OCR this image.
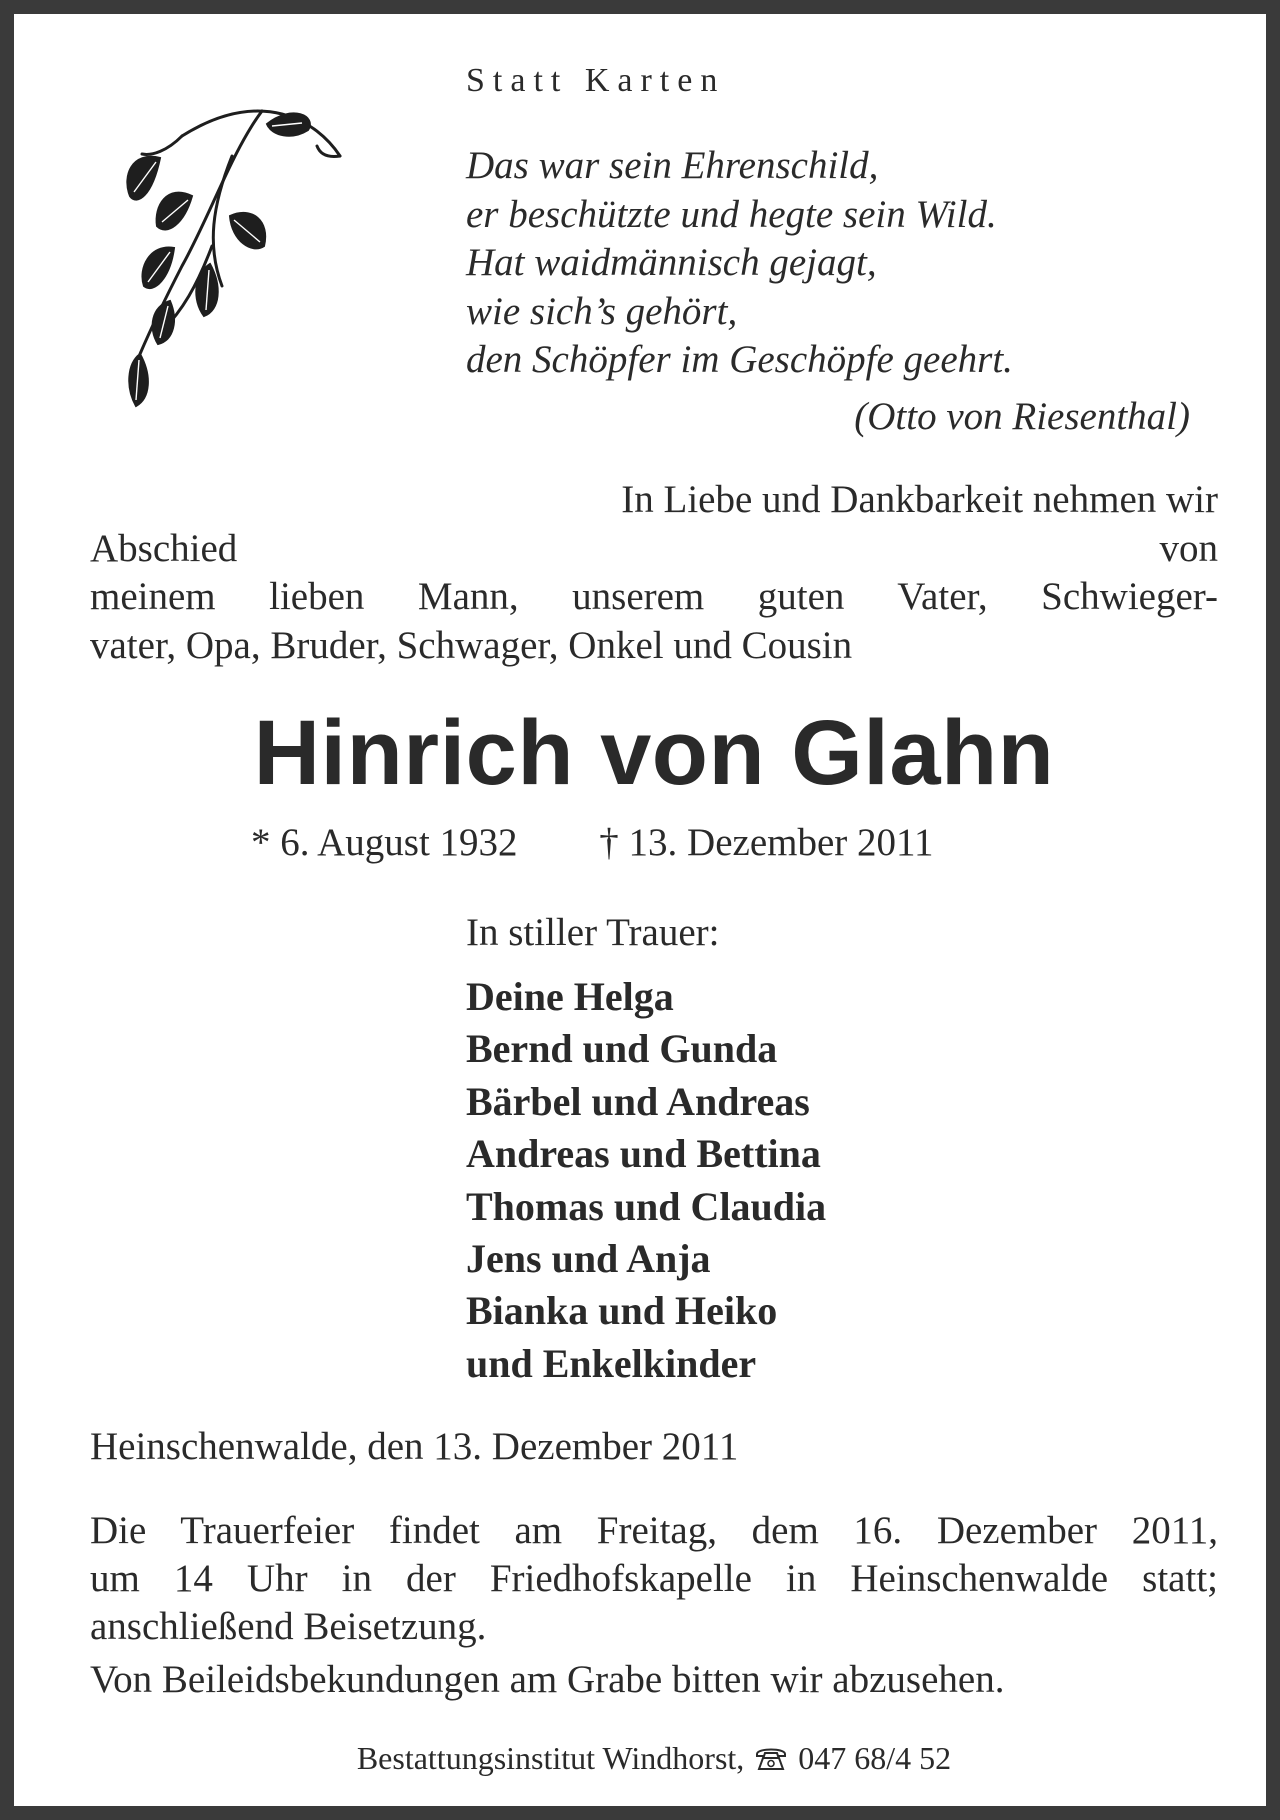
Statt Karten
Das war sein Ehrenschild,
er beschützte und hegte sein Wild.
Hat waidmännisch gejagt,
wie sich’s gehört,
den Schöpfer im Geschöpfe geehrt.
(Otto von Riesenthal)
In Liebe und Dankbarkeit nehmen wir
Abschied	von
meinem lieben Mann, unserem guten Vater, Schwieger-
vater, Opa, Bruder, Schwager, Onkel und Cousin
Hinrich von Glahn
* 6. August 1932 † 13. Dezember 2011
In stiller Trauer:
Deine Helga
Bernd und Gunda
Bärbel und Andreas
Andreas und Bettina
Thomas und Claudia
Jens und Anja
Bianka und Heiko
und Enkelkinder
Heinschenwalde, den 13. Dezember 2011
Die Trauerfeier findet am Freitag, dem 16. Dezember 2011,
um 14 Uhr in der Friedhofskapelle in Heinschenwalde statt;
anschließend Beisetzung.
Von Beileidsbekundungen am Grabe bitten wir abzusehen.
Bestattungsinstitut Windhorst, 047 68/4 52
